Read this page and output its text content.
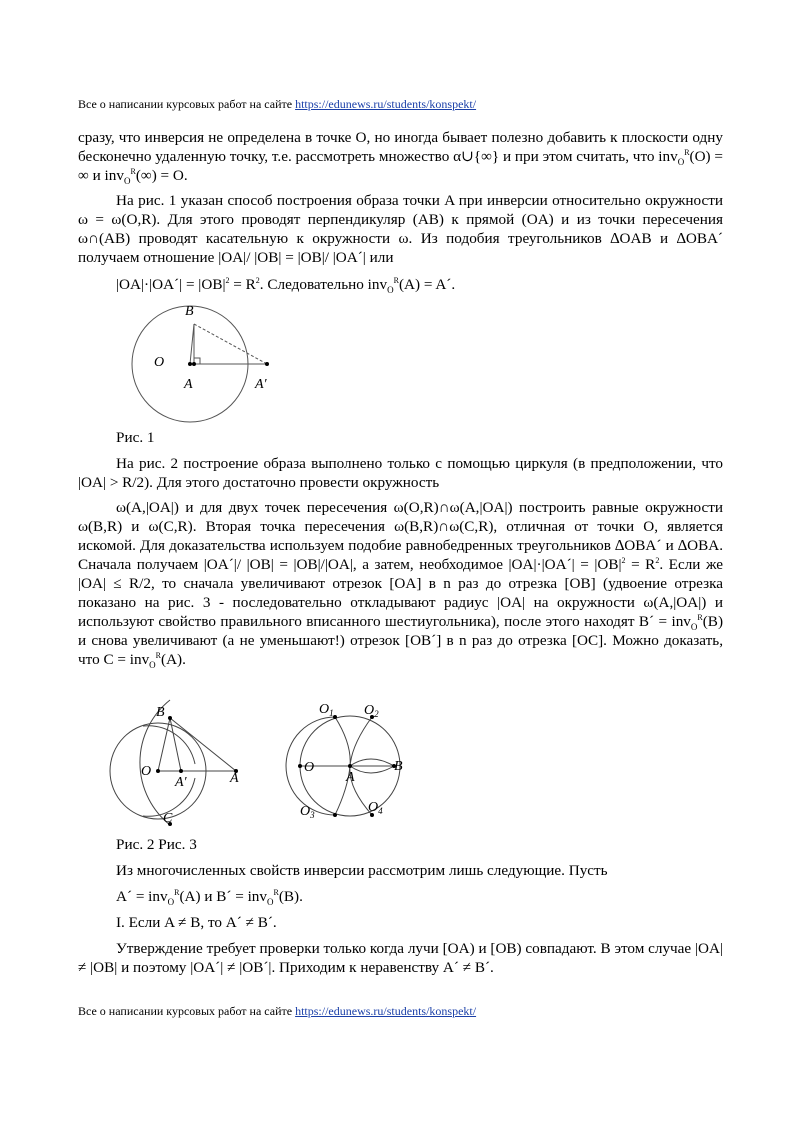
Все о написании курсовых работ на сайте https://edunews.ru/students/konspekt/

сразу, что инверсия не определена в точке O, но иногда бывает полезно добавить к плоскости одну бесконечно удаленную точку, т.е. рассмотреть множество α∪{∞} и при этом считать, что inv$_O^R$(O) = ∞ и inv$_O^R$(∞) = O.

На рис. 1 указан способ построения образа точки A при инверсии относительно окружности ω = ω(O,R). Для этого проводят перпендикуляр (AB) к прямой (OA) и из точки пересечения ω∩(AB) проводят касательную к окружности ω. Из подобия треугольников ∆OAB и ∆OBA´ получаем отношение |OA|/ |OB| = |OB|/ |OA´| или
|OA|·|OA´| = $|OB|^2 = R^2$. Следовательно inv$_O^R$(A) = A´.
O
A
B
A′
Рис. 1
На рис. 2 построение образа выполнено только с помощью циркуля (в предположении, что |OA| > R/2). Для этого достаточно провести окружность
ω(A,|OA|) и для двух точек пересечения ω(O,R)∩ω(A,|OA|) построить равные окружности ω(B,R) и ω(C,R). Вторая точка пересечения ω(B,R)∩ω(C,R), отличная от точки O, является искомой. Для доказательства используем подобие равнобедренных треугольников ∆OBA´ и ∆OBA. Сначала получаем |OA´|/ |OB| = |OB|/|OA|, а затем, необходимое |OA|·|OA´| = $|OB|^2 = R^2$. Если же |OA| ≤ R/2, то сначала увеличивают отрезок [OA] в n раз до отрезка [OB] (удвоение отрезка показано на рис. 3 - последовательно откладывают радиус |OA| на окружности ω(A,|OA|) и используют свойство правильного вписанного шестиугольника), после этого находят B´ = inv$_O^R$(B) и снова увеличивают (а не уменьшают!) отрезок [OB´] в n раз до отрезка [OC]. Можно доказать, что C = inv$_O^R$(A).
O	A
B
C
A′
O
A
B
$O_1$ $O_2$
$O_3$	$O_4$
Рис. 2 Рис. 3
Из многочисленных свойств инверсии рассмотрим лишь следующие. Пусть
A´ = inv$_O^R$(A) и B´ = inv$_O^R$(B).
I. Если A ≠ B, то A´ ≠ B´.
Утверждение требует проверки только когда лучи [OA) и [OB) совпадают. В этом случае |OA| ≠ |OB| и поэтому |OA´| ≠ |OB´|. Приходим к неравенству A´ ≠ B´.
Все о написании курсовых работ на сайте https://edunews.ru/students/konspekt/
